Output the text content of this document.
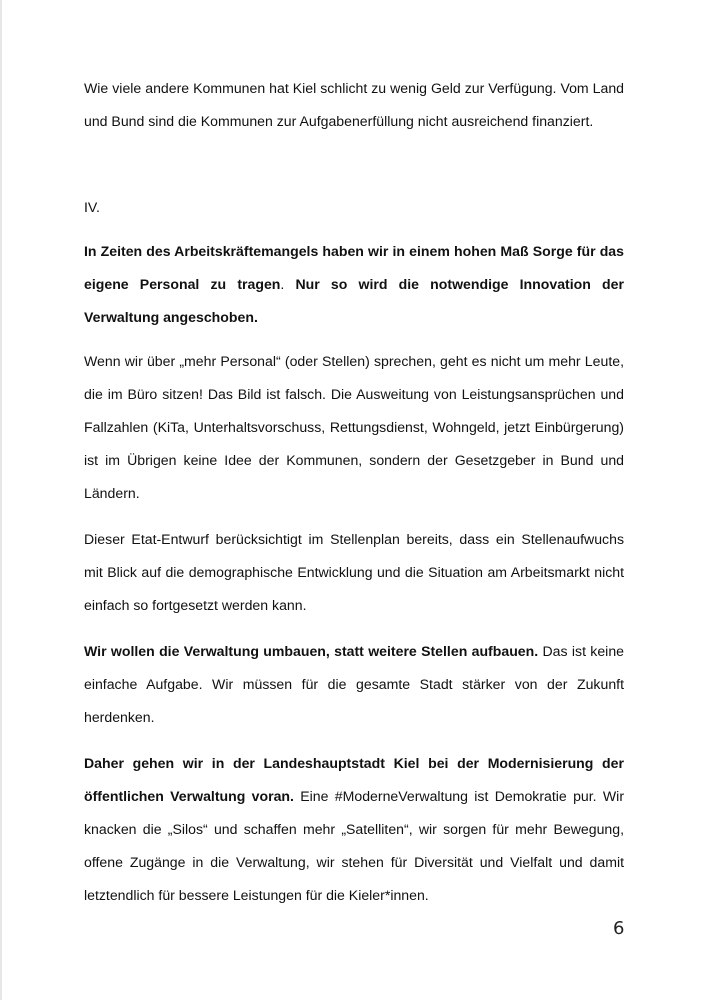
Wie viele andere Kommunen hat Kiel schlicht zu wenig Geld zur Verfügung. Vom Land und Bund sind die Kommunen zur Aufgabenerfüllung nicht ausreichend finanziert.

IV.

In Zeiten des Arbeitskräftemangels haben wir in einem hohen Maß Sorge für das eigene Personal zu tragen. Nur so wird die notwendige Innovation der Verwaltung angeschoben.

Wenn wir über „mehr Personal“ (oder Stellen) sprechen, geht es nicht um mehr Leute, die im Büro sitzen! Das Bild ist falsch. Die Ausweitung von Leistungsansprüchen und Fallzahlen (KiTa, Unterhaltsvorschuss, Rettungsdienst, Wohngeld, jetzt Einbürgerung) ist im Übrigen keine Idee der Kommunen, sondern der Gesetzgeber in Bund und Ländern.

Dieser Etat-Entwurf berücksichtigt im Stellenplan bereits, dass ein Stellenaufwuchs mit Blick auf die demographische Entwicklung und die Situation am Arbeitsmarkt nicht einfach so fortgesetzt werden kann.

Wir wollen die Verwaltung umbauen, statt weitere Stellen aufbauen. Das ist keine einfache Aufgabe. Wir müssen für die gesamte Stadt stärker von der Zukunft herdenken.

Daher gehen wir in der Landeshauptstadt Kiel bei der Modernisierung der öffentlichen Verwaltung voran. Eine #ModerneVerwaltung ist Demokratie pur. Wir knacken die „Silos“ und schaffen mehr „Satelliten“, wir sorgen für mehr Bewegung, offene Zugänge in die Verwaltung, wir stehen für Diversität und Vielfalt und damit letztendlich für bessere Leistungen für die Kieler*innen.

6
